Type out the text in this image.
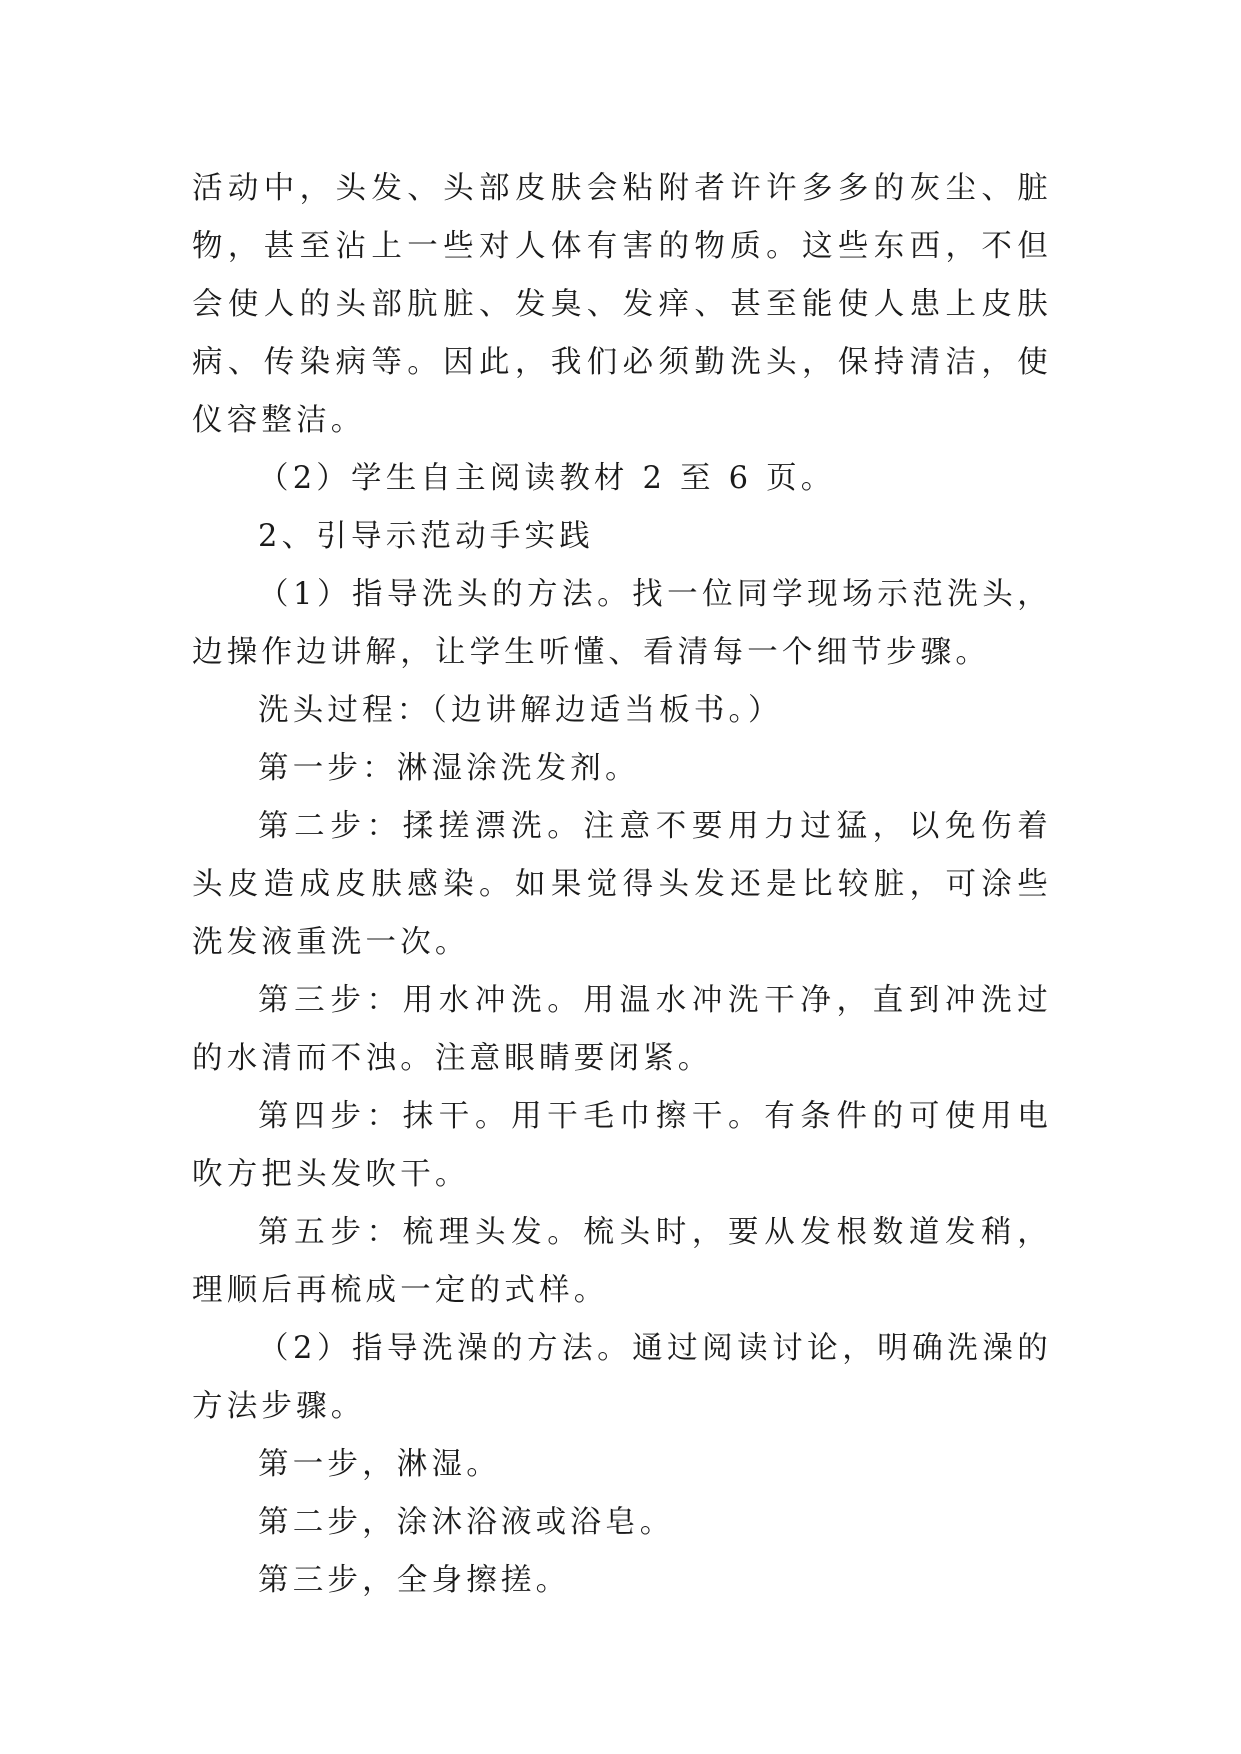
活动中，头发、头部皮肤会粘附者许许多多的灰尘、脏物，甚至沾上一些对人体有害的物质。这些东西，不但会使人的头部肮脏、发臭、发痒、甚至能使人患上皮肤病、传染病等。因此，我们必须勤洗头，保持清洁，使仪容整洁。

（2）学生自主阅读教材 2 至 6 页。

2、引导示范动手实践

（1）指导洗头的方法。找一位同学现场示范洗头，边操作边讲解，让学生听懂、看清每一个细节步骤。

洗头过程：（边讲解边适当板书。）

第一步：淋湿涂洗发剂。

第二步：揉搓漂洗。注意不要用力过猛，以免伤着头皮造成皮肤感染。如果觉得头发还是比较脏，可涂些洗发液重洗一次。

第三步：用水冲洗。用温水冲洗干净，直到冲洗过的水清而不浊。注意眼睛要闭紧。

第四步：抹干。用干毛巾擦干。有条件的可使用电吹方把头发吹干。

第五步：梳理头发。梳头时，要从发根数道发稍，理顺后再梳成一定的式样。

（2）指导洗澡的方法。通过阅读讨论，明确洗澡的方法步骤。

第一步，淋湿。

第二步，涂沐浴液或浴皂。

第三步，全身擦搓。
